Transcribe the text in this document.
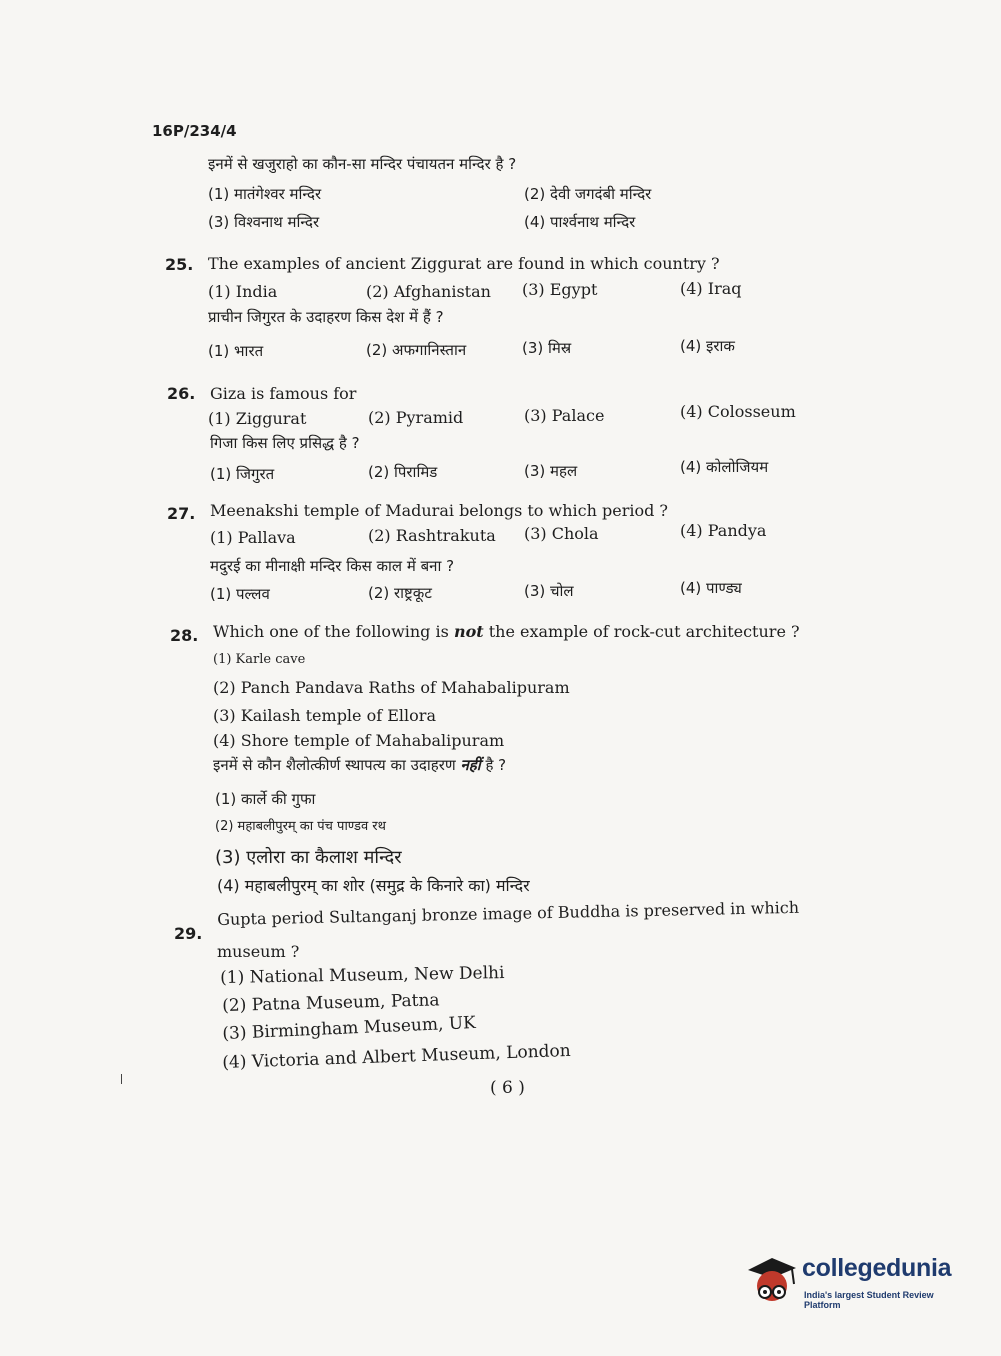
16P/234/4
इनमें से खजुराहो का कौन-सा मन्दिर पंचायतन मन्दिर है ?
(1) मातंगेश्वर मन्दिर	(2) देवी जगदंबी मन्दिर
(3) विश्वनाथ मन्दिर	(4) पार्श्वनाथ मन्दिर
25. The examples of ancient Ziggurat are found in which country ?
(1) India	(2) Afghanistan (3) Egypt	(4) Iraq
प्राचीन जिगुरत के उदाहरण किस देश में हैं ?
(1) भारत	(2) अफगानिस्तान	(3) मिस्र	(4) इराक
26. Giza is famous for
(1) Ziggurat	(2) Pyramid	(3) Palace	(4) Colosseum
गिजा किस लिए प्रसिद्ध है ?
(1) जिगुरत	(2) पिरामिड	(3) महल	(4) कोलोजियम
27. Meenakshi temple of Madurai belongs to which period ?
(1) Pallava	(2) Rashtrakuta (3) Chola	(4) Pandya
मदुरई का मीनाक्षी मन्दिर किस काल में बना ?
(1) पल्लव	(2) राष्ट्रकूट	(3) चोल	(4) पाण्ड्य
28. Which one of the following is not the example of rock-cut architecture ?
(1) Karle cave
(2) Panch Pandava Raths of Mahabalipuram
(3) Kailash temple of Ellora
(4) Shore temple of Mahabalipuram
इनमें से कौन शैलोत्कीर्ण स्थापत्य का उदाहरण नहीं है ?
(1) कार्ले की गुफा
(2) महाबलीपुरम् का पंच पाण्डव रथ
(3) एलोरा का कैलाश मन्दिर
(4) महाबलीपुरम् का शोर (समुद्र के किनारे का) मन्दिर
29.
Gupta period Sultanganj bronze image of Buddha is preserved in which
museum ?
(1) National Museum, New Delhi
(2) Patna Museum, Patna
(3) Birmingham Museum, UK
(4) Victoria and Albert Museum, London
( 6 )
collegedunia
India's largest Student Review Platform
